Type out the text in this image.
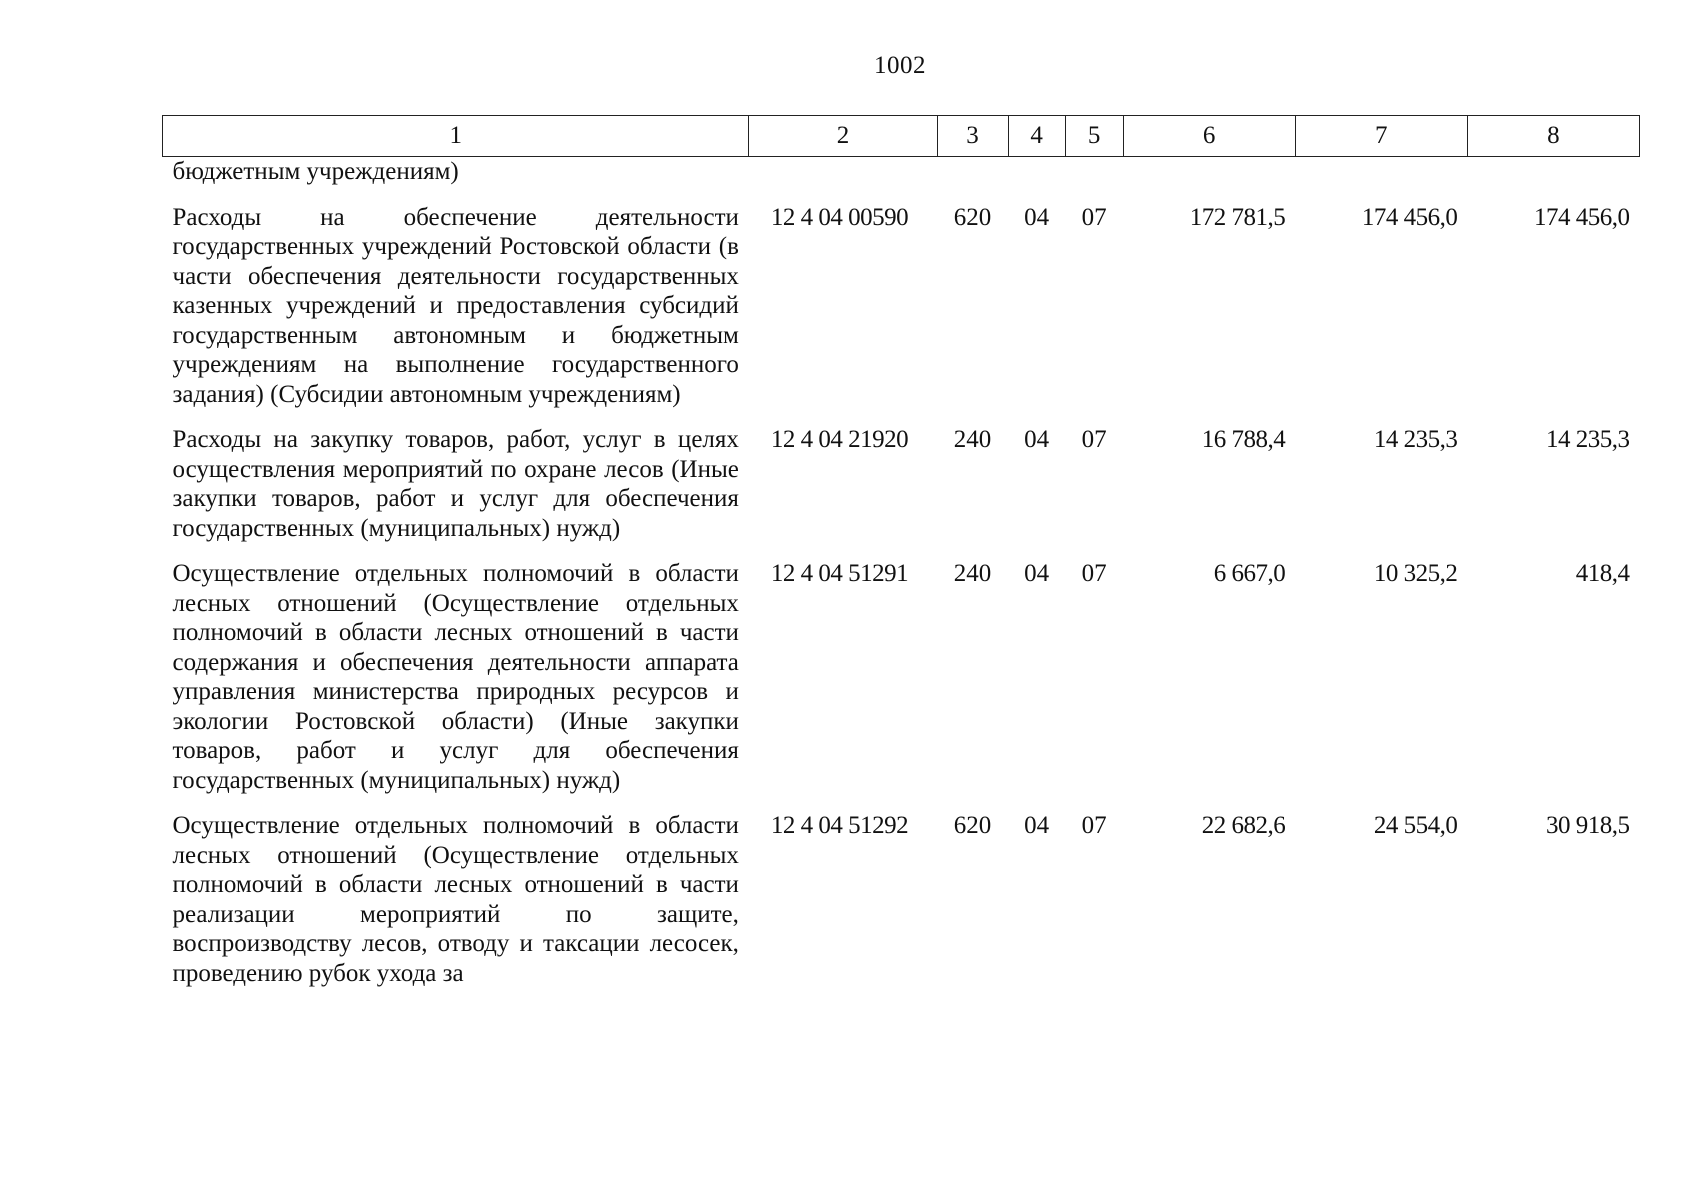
1002
1	2	3	4	5	6	7	8
бюджетным учреждениям)							
Расходы на обеспечение деятельности государственных учреждений Ростовской области (в части обеспечения деятельности государственных казенных учреждений и предоставления субсидий государственным автономным и бюджетным учреждениям на выполнение государственного задания) (Субсидии автономным учреждениям)	12 4 04 00590	620	04	07	172 781,5	174 456,0	174 456,0
Расходы на закупку товаров, работ, услуг в целях осуществления мероприятий по охране лесов (Иные закупки товаров, работ и услуг для обеспечения государственных (муниципальных) нужд)	12 4 04 21920	240	04	07	16 788,4	14 235,3	14 235,3
Осуществление отдельных полномочий в области лесных отношений (Осуществление отдельных полномочий в области лесных отношений в части содержания и обеспечения деятельности аппарата управления министерства природных ресурсов и экологии Ростовской области) (Иные закупки товаров, работ и услуг для обеспечения государственных (муниципальных) нужд)	12 4 04 51291	240	04	07	6 667,0	10 325,2	418,4
Осуществление отдельных полномочий в области лесных отношений (Осуществление отдельных полномочий в области лесных отношений в части реализации мероприятий по защите, воспроизводству лесов, отводу и таксации лесосек, проведению рубок ухода за	12 4 04 51292	620	04	07	22 682,6	24 554,0	30 918,5
